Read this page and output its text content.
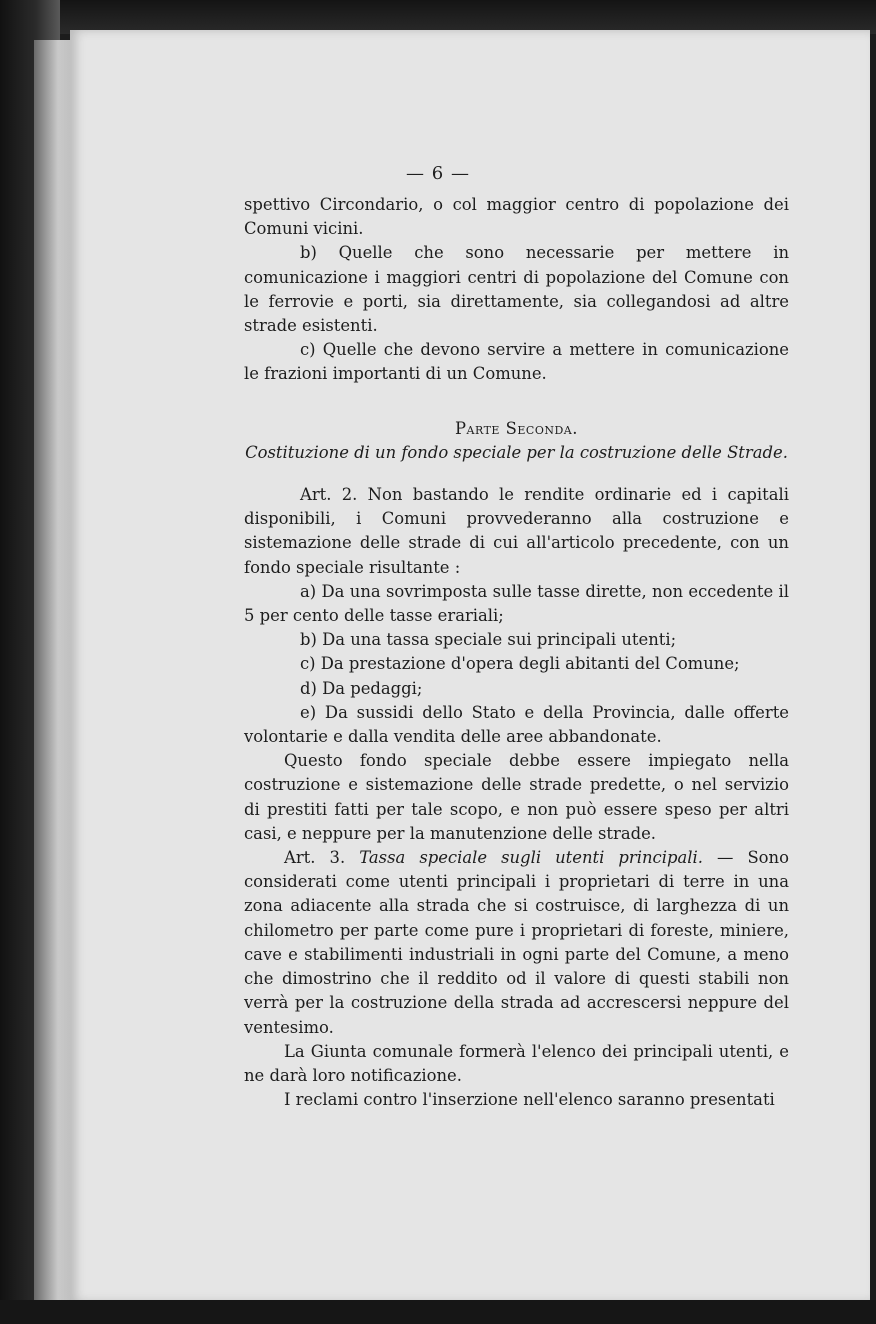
— 6 —

spettivo Circondario, o col maggior centro di popolazione dei Comuni vicini.

b) Quelle che sono necessarie per mettere in comunicazione i maggiori centri di popolazione del Comune con le ferrovie e porti, sia direttamente, sia collegandosi ad altre strade esistenti.

c) Quelle che devono servire a mettere in comunicazione le frazioni importanti di un Comune.

Parte Seconda.

Costituzione di un fondo speciale per la costruzione delle Strade.

Art. 2. Non bastando le rendite ordinarie ed i capitali disponibili, i Comuni provvederanno alla costruzione e sistemazione delle strade di cui all'articolo precedente, con un fondo speciale risultante :

a) Da una sovrimposta sulle tasse dirette, non eccedente il 5 per cento delle tasse erariali;

b) Da una tassa speciale sui principali utenti;

c) Da prestazione d'opera degli abitanti del Comune;

d) Da pedaggi;

e) Da sussidi dello Stato e della Provincia, dalle offerte volontarie e dalla vendita delle aree abbandonate.

Questo fondo speciale debbe essere impiegato nella costruzione e sistemazione delle strade predette, o nel servizio di prestiti fatti per tale scopo, e non può essere speso per altri casi, e neppure per la manutenzione delle strade.

Art. 3. Tassa speciale sugli utenti principali. — Sono considerati come utenti principali i proprietari di terre in una zona adiacente alla strada che si costruisce, di larghezza di un chilometro per parte come pure i proprietari di foreste, miniere, cave e stabilimenti industriali in ogni parte del Comune, a meno che dimostrino che il reddito od il valore di questi stabili non verrà per la costruzione della strada ad accrescersi neppure del ventesimo.

La Giunta comunale formerà l'elenco dei principali utenti, e ne darà loro notificazione.

I reclami contro l'inserzione nell'elenco saranno presentati
